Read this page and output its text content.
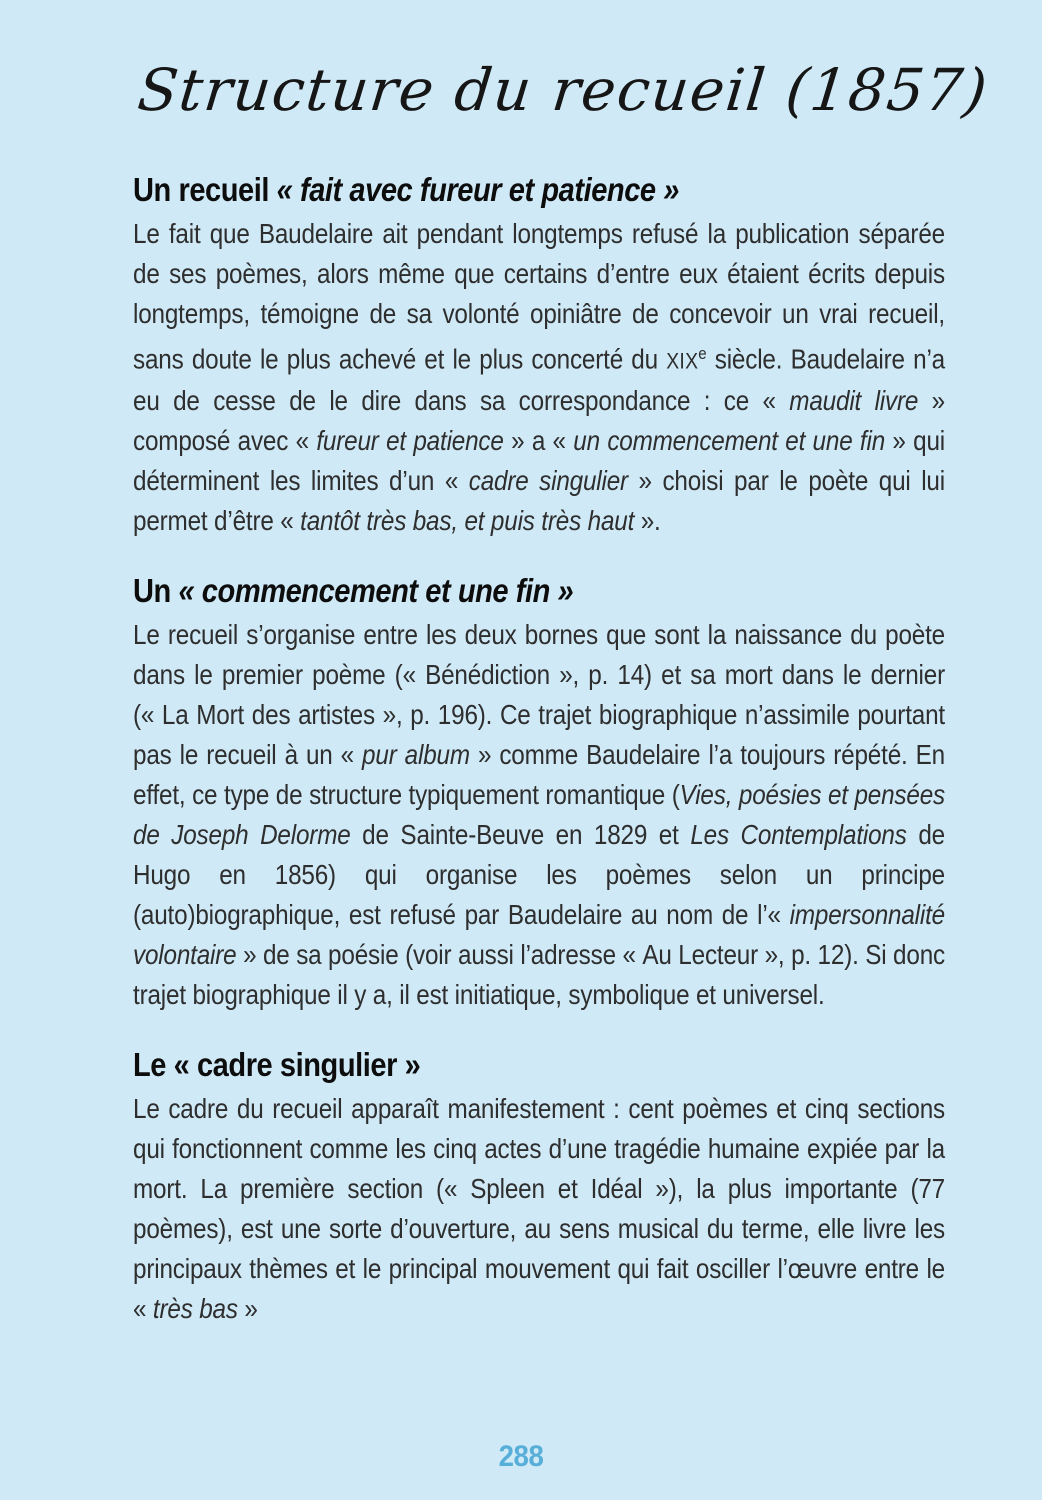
Structure du recueil (1857)
Un recueil « fait avec fureur et patience »

Le fait que Baudelaire ait pendant longtemps refusé la publication séparée de ses poèmes, alors même que certains d’entre eux étaient écrits depuis longtemps, témoigne de sa volonté opiniâtre de concevoir un vrai recueil, sans doute le plus achevé et le plus concerté du XIXe siècle. Baudelaire n’a eu de cesse de le dire dans sa correspondance : ce « maudit livre » composé avec « fureur et patience » a « un commencement et une fin » qui déterminent les limites d’un « cadre singulier » choisi par le poète qui lui permet d’être « tantôt très bas, et puis très haut ».

Un « commencement et une fin »

Le recueil s’organise entre les deux bornes que sont la naissance du poète dans le premier poème (« Bénédiction », p. 14) et sa mort dans le dernier (« La Mort des artistes », p. 196). Ce trajet biographique n’assimile pourtant pas le recueil à un « pur album » comme Baudelaire l’a toujours répété. En effet, ce type de structure typiquement romantique (Vies, poésies et pensées de Joseph Delorme de Sainte-Beuve en 1829 et Les Contemplations de Hugo en 1856) qui organise les poèmes selon un principe (auto)biographique, est refusé par Baudelaire au nom de l’« impersonnalité volontaire » de sa poésie (voir aussi l’adresse « Au Lecteur », p. 12). Si donc trajet biographique il y a, il est initiatique, symbolique et universel.

Le « cadre singulier »

Le cadre du recueil apparaît manifestement : cent poèmes et cinq sections qui fonctionnent comme les cinq actes d’une tragédie humaine expiée par la mort. La première section (« Spleen et Idéal »), la plus importante (77 poèmes), est une sorte d’ouverture, au sens musical du terme, elle livre les principaux thèmes et le principal mouvement qui fait osciller l’œuvre entre le « très bas »

288
